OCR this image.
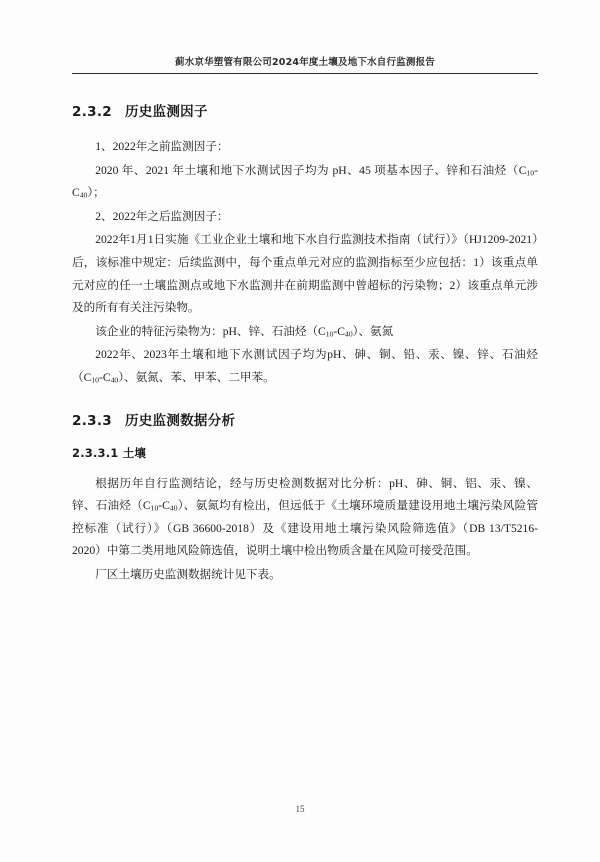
蓟水京华塑管有限公司2024年度土壤及地下水自行监测报告
2.3.2 历史监测因子

1、2022年之前监测因子：

2020 年、2021 年土壤和地下水测试因子均为 pH、45 项基本因子、锌和石油烃$(C_{10}-C_{40})$；

2、2022年之后监测因子：

2022年1月1日实施《工业企业土壤和地下水自行监测技术指南（试行）》（HJ1209-2021）后，该标准中规定：后续监测中，每个重点单元对应的监测指标至少应包括：1）该重点单元对应的任一土壤监测点或地下水监测井在前期监测中曾超标的污染物；2）该重点单元涉及的所有有关注污染物。

该企业的特征污染物为：pH、锌、石油烃$(C_{10}-C_{40})$、氨氮

2022年、2023年土壤和地下水测试因子均为pH、砷、铜、铅、汞、镍、锌、石油烃$(C_{10}-C_{40})$、氨氮、苯、甲苯、二甲苯。

2.3.3 历史监测数据分析
2.3.3.1 土壤

根据历年自行监测结论，经与历史检测数据对比分析：pH、砷、铜、铝、汞、镍、锌、石油烃$(C_{10}-C_{40})$、氨氮均有检出，但远低于《土壤环境质量建设用地土壤污染风险管控标准（试行）》（GB 36600-2018）及《建设用地土壤污染风险筛选值》（DB 13/T5216-2020）中第二类用地风险筛选值，说明土壤中检出物质含量在风险可接受范围。

厂区土壤历史监测数据统计见下表。

15
